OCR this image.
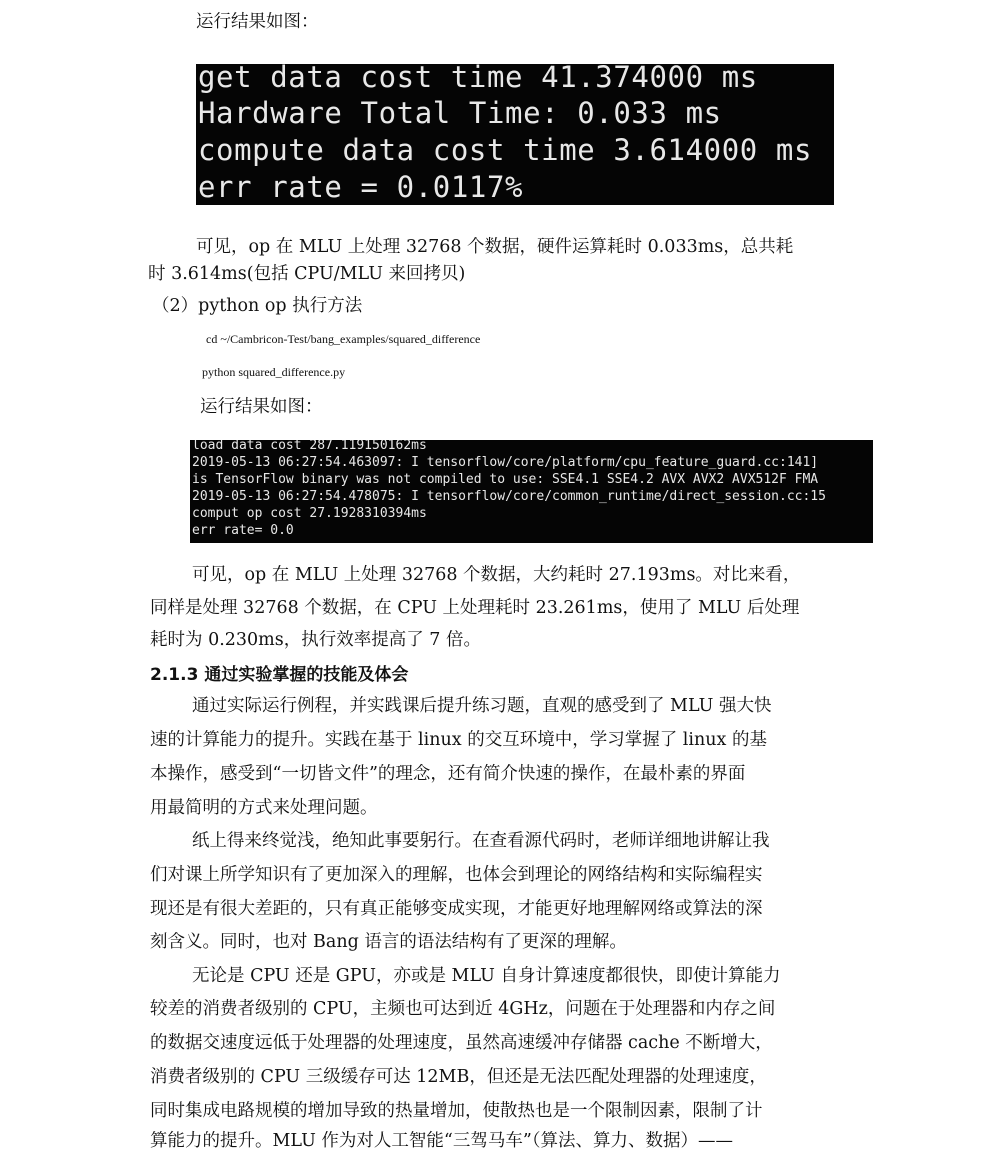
运行结果如图：

get data cost time 41.374000 ms

Hardware Total Time: 0.033 ms

compute data cost time 3.614000 ms

err rate = 0.0117%

可见，op 在 MLU 上处理 32768 个数据，硬件运算耗时 0.033ms，总共耗
时 3.614ms(包括 CPU/MLU 来回拷贝)
（2）python op 执行方法
cd ~/Cambricon-Test/bang_examples/squared_difference
python squared_difference.py
运行结果如图：

load data cost 287.119150162ms

2019-05-13 06:27:54.463097: I tensorflow/core/platform/cpu_feature_guard.cc:141]

is TensorFlow binary was not compiled to use: SSE4.1 SSE4.2 AVX AVX2 AVX512F FMA

2019-05-13 06:27:54.478075: I tensorflow/core/common_runtime/direct_session.cc:15

comput op cost 27.1928310394ms

err rate= 0.0

可见，op 在 MLU 上处理 32768 个数据，大约耗时 27.193ms。对比来看，
同样是处理 32768 个数据，在 CPU 上处理耗时 23.261ms，使用了 MLU 后处理
耗时为 0.230ms，执行效率提高了 7 倍。
2.1.3 通过实验掌握的技能及体会
通过实际运行例程，并实践课后提升练习题，直观的感受到了 MLU 强大快
速的计算能力的提升。实践在基于 linux 的交互环境中，学习掌握了 linux 的基
本操作，感受到“一切皆文件”的理念，还有简介快速的操作，在最朴素的界面
用最简明的方式来处理问题。
纸上得来终觉浅，绝知此事要躬行。在查看源代码时，老师详细地讲解让我
们对课上所学知识有了更加深入的理解，也体会到理论的网络结构和实际编程实
现还是有很大差距的，只有真正能够变成实现，才能更好地理解网络或算法的深
刻含义。同时，也对 Bang 语言的语法结构有了更深的理解。
无论是 CPU 还是 GPU，亦或是 MLU 自身计算速度都很快，即使计算能力
较差的消费者级别的 CPU，主频也可达到近 4GHz，问题在于处理器和内存之间
的数据交速度远低于处理器的处理速度，虽然高速缓冲存储器 cache 不断增大，
消费者级别的 CPU 三级缓存可达 12MB，但还是无法匹配处理器的处理速度，
同时集成电路规模的增加导致的热量增加，使散热也是一个限制因素，限制了计
算能力的提升。MLU 作为对人工智能“三驾马车”（算法、算力、数据）——
